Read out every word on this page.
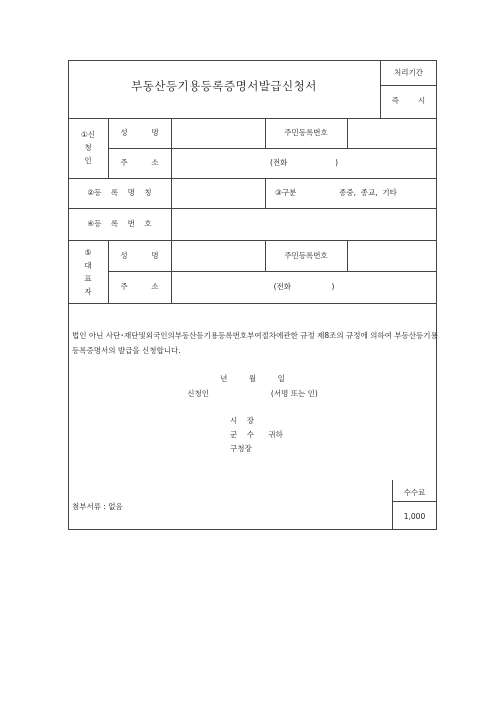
부동산등기용등록증명서발급신청서
처리기간
즉        시
①신
청
인
성          명	주민등록번호
주          소	(전화                    )
②등    록    명    칭	③구분	종중,  종교,  기타
④등    록    번    호
⑤
대
표
자
성          명	주민등록번호
주          소	(전화                 )
법인 아닌 사단･재단및외국인의부동산등기용등록번호부여절차에관한 규정 제8조의 규정에 의하여 부동산등기용등록증명서의 발급을 신청합니다.
년         월         일
신청인                          (서명 또는 인)
시    장
군    수      귀하
구청장
첨부서류 : 없음
수수료
1,000
